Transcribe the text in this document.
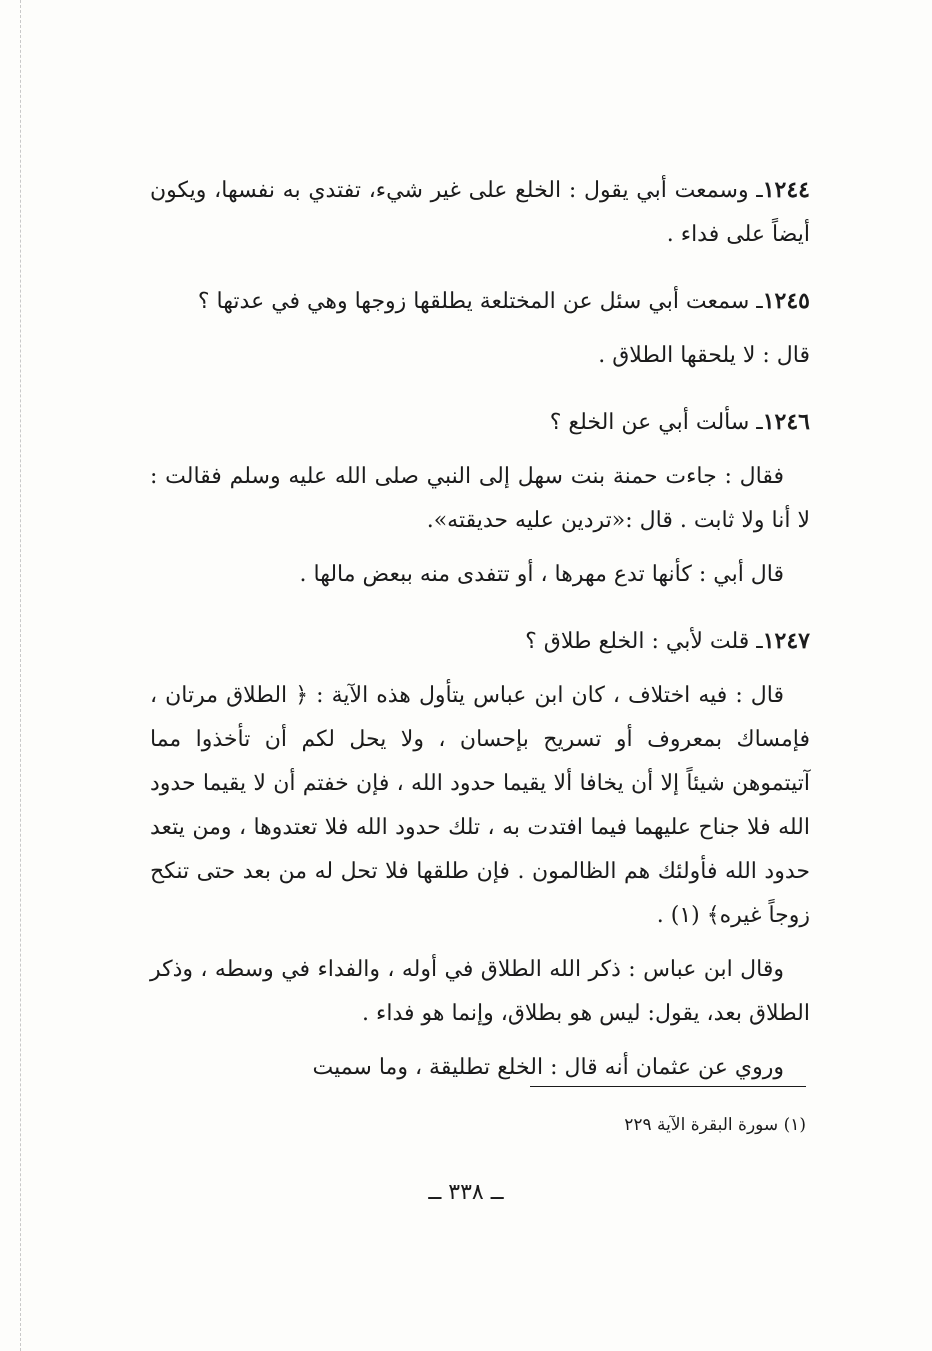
١٢٤٤ـ وسمعت أبي يقول : الخلع على غير شيء، تفتدي به نفسها، ويكون أيضاً على فداء .

١٢٤٥ـ سمعت أبي سئل عن المختلعة يطلقها زوجها وهي في عدتها ؟

قال : لا يلحقها الطلاق .

١٢٤٦ـ سألت أبي عن الخلع ؟

فقال : جاءت حمنة بنت سهل إلى النبي صلى الله عليه وسلم فقالت : لا أنا ولا ثابت . قال :«تردين عليه حديقته».

قال أبي : كأنها تدع مهرها ، أو تتفدى منه ببعض مالها .

١٢٤٧ـ قلت لأبي : الخلع طلاق ؟

قال : فيه اختلاف ، كان ابن عباس يتأول هذه الآية : ﴿ الطلاق مرتان ، فإمساك بمعروف أو تسريح بإحسان ، ولا يحل لكم أن تأخذوا مما آتيتموهن شيئاً إلا أن يخافا ألا يقيما حدود الله ، فإن خفتم أن لا يقيما حدود الله فلا جناح عليهما فيما افتدت به ، تلك حدود الله فلا تعتدوها ، ومن يتعد حدود الله فأولئك هم الظالمون . فإن طلقها فلا تحل له من بعد حتى تنكح زوجاً غيره﴾ (١) .

وقال ابن عباس : ذكر الله الطلاق في أوله ، والفداء في وسطه ، وذكر الطلاق بعد، يقول: ليس هو بطلاق، وإنما هو فداء .

وروي عن عثمان أنه قال : الخلع تطليقة ، وما سميت

(١) سورة البقرة الآية ٢٢٩
ــ ٣٣٨ ــ
